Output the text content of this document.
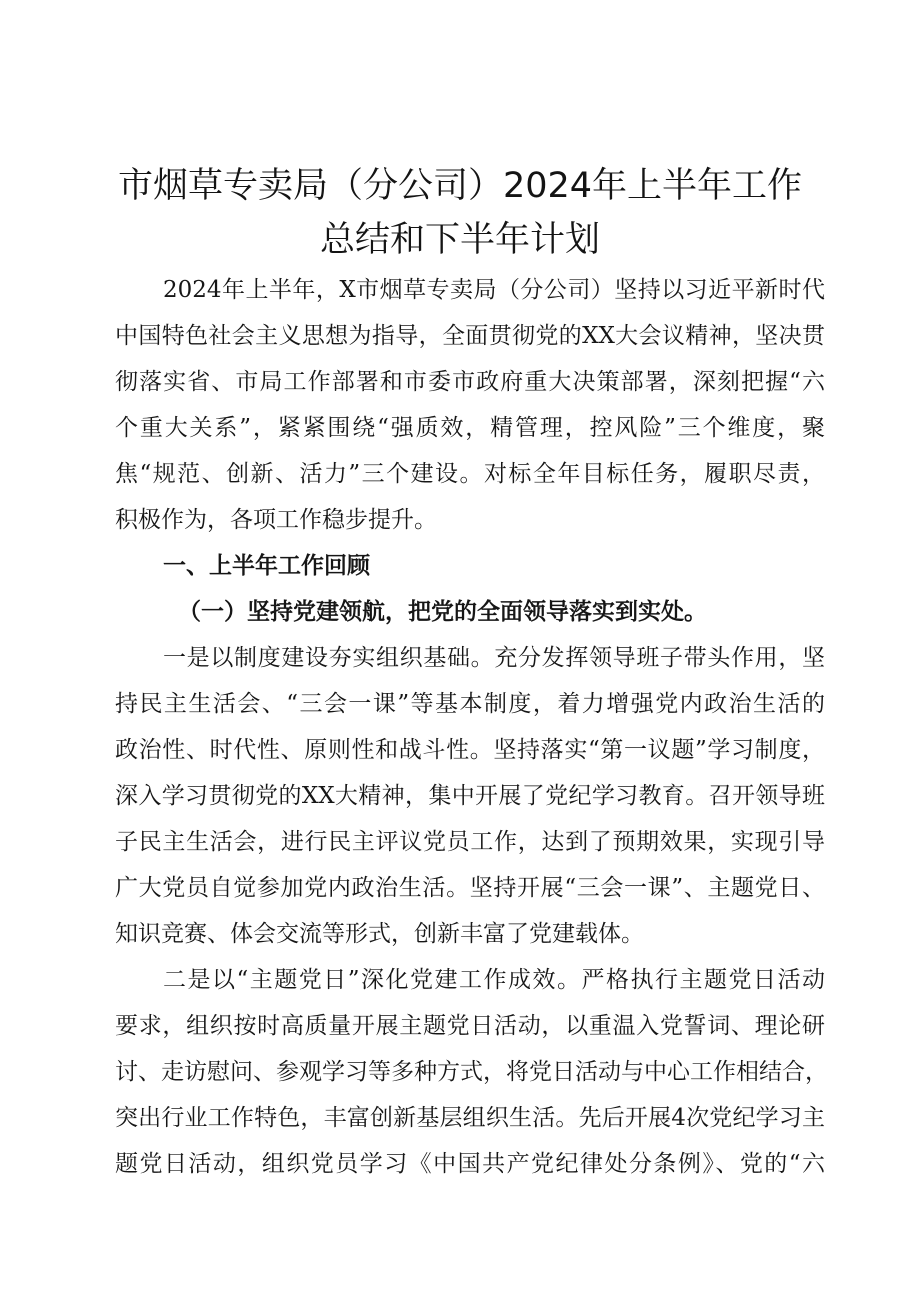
市烟草专卖局（分公司）2024年上半年工作
总结和下半年计划
2024年上半年，X市烟草专卖局（分公司）坚持以习近平新时代
中国特色社会主义思想为指导，全面贯彻党的XX大会议精神，坚决贯
彻落实省、市局工作部署和市委市政府重大决策部署，深刻把握“六
个重大关系”，紧紧围绕“强质效，精管理，控风险”三个维度，聚
焦“规范、创新、活力”三个建设。对标全年目标任务，履职尽责，
积极作为，各项工作稳步提升。
一、上半年工作回顾
（一）坚持党建领航，把党的全面领导落实到实处。
一是以制度建设夯实组织基础。充分发挥领导班子带头作用，坚
持民主生活会、“三会一课”等基本制度，着力增强党内政治生活的
政治性、时代性、原则性和战斗性。坚持落实“第一议题”学习制度，
深入学习贯彻党的XX大精神，集中开展了党纪学习教育。召开领导班
子民主生活会，进行民主评议党员工作，达到了预期效果，实现引导
广大党员自觉参加党内政治生活。坚持开展“三会一课”、主题党日、
知识竞赛、体会交流等形式，创新丰富了党建载体。
二是以“主题党日”深化党建工作成效。严格执行主题党日活动
要求，组织按时高质量开展主题党日活动，以重温入党誓词、理论研
讨、走访慰问、参观学习等多种方式，将党日活动与中心工作相结合，
突出行业工作特色，丰富创新基层组织生活。先后开展4次党纪学习主
题党日活动，组织党员学习《中国共产党纪律处分条例》、党的“六
